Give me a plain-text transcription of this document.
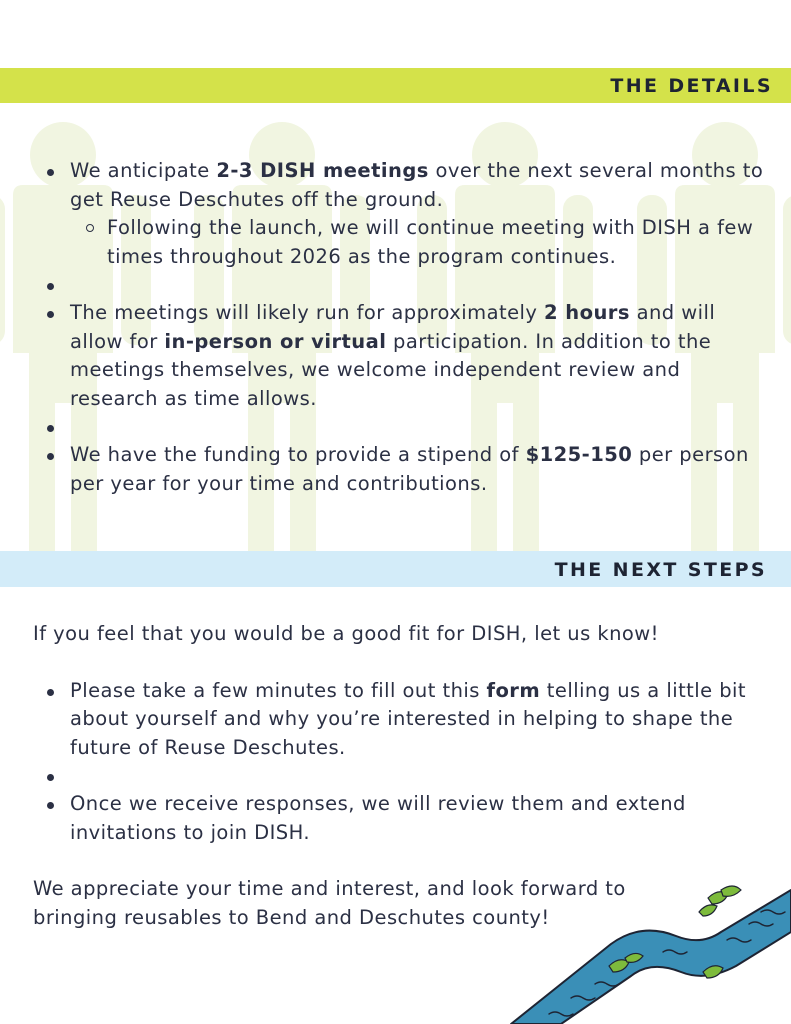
THE DETAILS
We anticipate 2-3 DISH meetings over the next several months to get Reuse Deschutes off the ground.
Following the launch, we will continue meeting with DISH a few times throughout 2026 as the program continues.
The meetings will likely run for approximately 2 hours and will allow for in-person or virtual participation. In addition to the meetings themselves, we welcome independent review and research as time allows.
We have the funding to provide a stipend of $125-150 per person per year for your time and contributions.
THE NEXT STEPS
If you feel that you would be a good fit for DISH, let us know!
Please take a few minutes to fill out this form telling us a little bit about yourself and why you’re interested in helping to shape the future of Reuse Deschutes.
Once we receive responses, we will review them and extend invitations to join DISH.
We appreciate your time and interest, and look forward to bringing reusables to Bend and Deschutes county!
